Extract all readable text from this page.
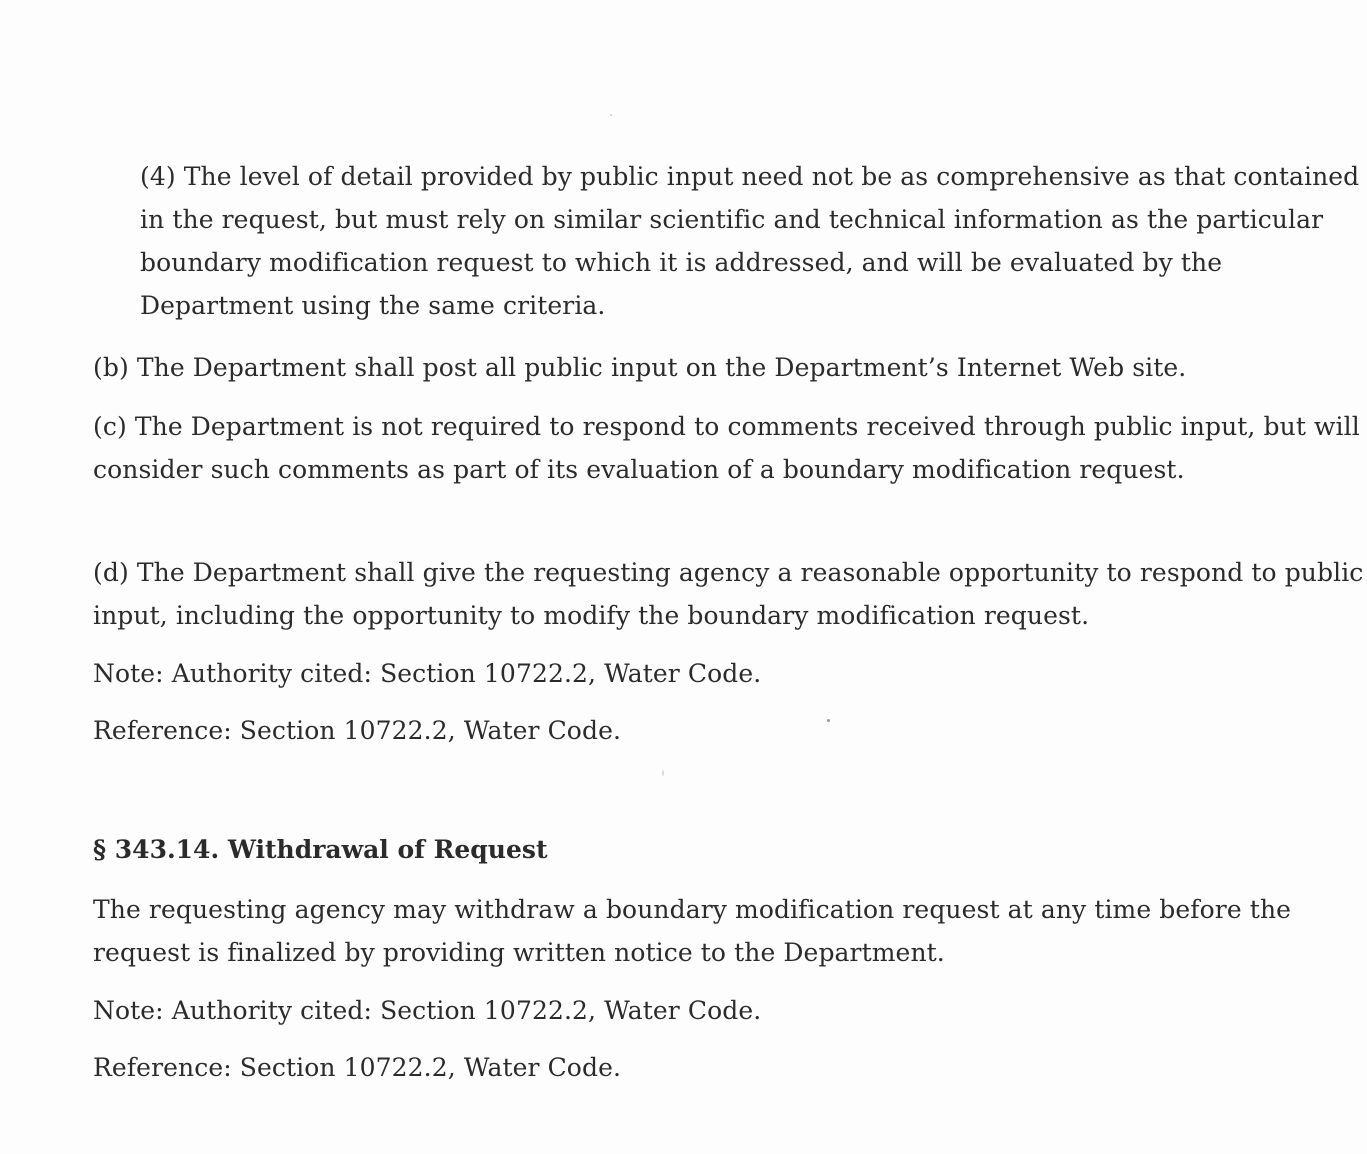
(4) The level of detail provided by public input need not be as comprehensive as that contained in the request, but must rely on similar scientific and technical information as the particular boundary modification request to which it is addressed, and will be evaluated by the Department using the same criteria.

(b) The Department shall post all public input on the Department’s Internet Web site.

(c) The Department is not required to respond to comments received through public input, but will consider such comments as part of its evaluation of a boundary modification request.

(d) The Department shall give the requesting agency a reasonable opportunity to respond to public input, including the opportunity to modify the boundary modification request.

Note: Authority cited: Section 10722.2, Water Code.

Reference: Section 10722.2, Water Code.

§ 343.14. Withdrawal of Request

The requesting agency may withdraw a boundary modification request at any time before the request is finalized by providing written notice to the Department.

Note: Authority cited: Section 10722.2, Water Code.

Reference: Section 10722.2, Water Code.
